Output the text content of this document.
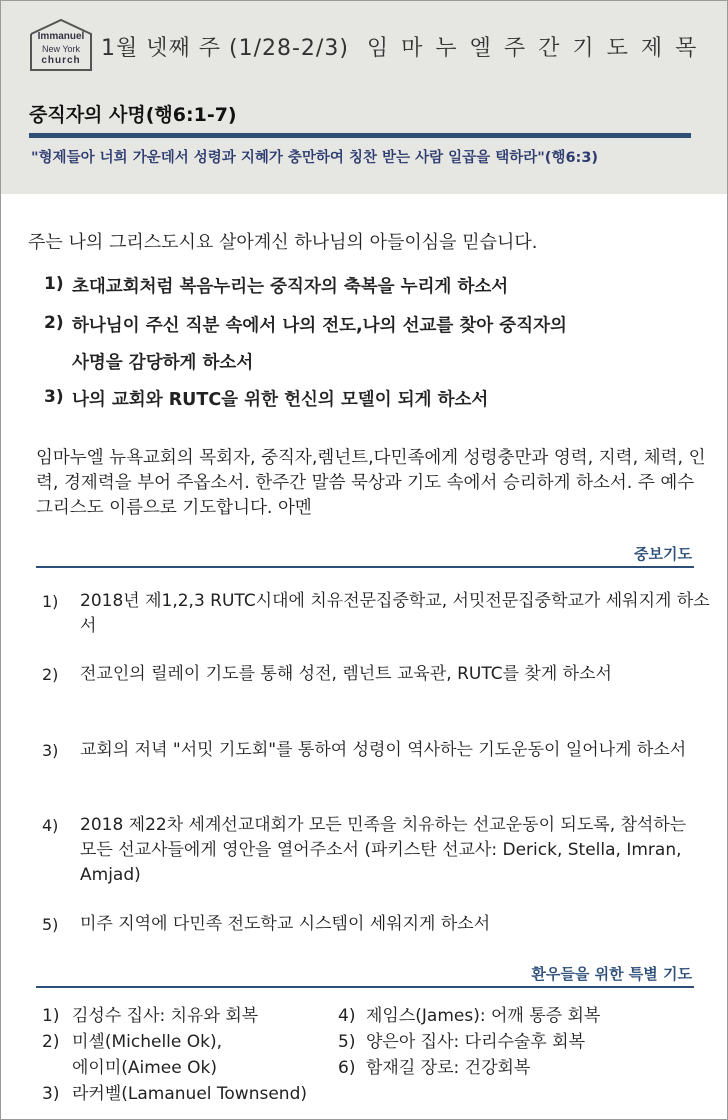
Immanuel
New York
church 1월 넷째 주 (1/28-2/3) 임 마 누 엘 주 간 기 도 제 목
중직자의 사명(행6:1-7)
"형제들아 너희 가운데서 성령과 지혜가 충만하여 칭찬 받는 사람 일곱을 택하라"(행6:3)
주는 나의 그리스도시요 살아계신 하나님의 아들이심을 믿습니다.
1) 초대교회처럼 복음누리는 중직자의 축복을 누리게 하소서
2) 하나님이 주신 직분 속에서 나의 전도,나의 선교를 찾아 중직자의
사명을 감당하게 하소서
3) 나의 교회와 RUTC을 위한 헌신의 모델이 되게 하소서
임마누엘 뉴욕교회의 목회자, 중직자,렘넌트,다민족에게 성령충만과 영력, 지력, 체력, 인력, 경제력을 부어 주옵소서. 한주간 말씀 묵상과 기도 속에서 승리하게 하소서. 주 예수 그리스도 이름으로 기도합니다. 아멘
중보기도
1) 2018년 제1,2,3 RUTC시대에 치유전문집중학교, 서밋전문집중학교가 세워지게 하소서
2) 전교인의 릴레이 기도를 통해 성전, 렘넌트 교육관, RUTC를 찾게 하소서
3) 교회의 저녁 "서밋 기도회"를 통하여 성령이 역사하는 기도운동이 일어나게 하소서
4) 2018 제22차 세계선교대회가 모든 민족을 치유하는 선교운동이 되도록, 참석하는 모든 선교사들에게 영안을 열어주소서 (파키스탄 선교사: Derick, Stella, Imran, Amjad)
5) 미주 지역에 다민족 전도학교 시스템이 세워지게 하소서
환우들을 위한 특별 기도
1) 김성수 집사: 치유와 회복
2) 미셸(Michelle Ok),
에이미(Aimee Ok)
3) 라커벨(Lamanuel Townsend)
4) 제임스(James): 어깨 통증 회복
5) 양은아 집사: 다리수술후 회복
6) 함재길 장로: 건강회복
